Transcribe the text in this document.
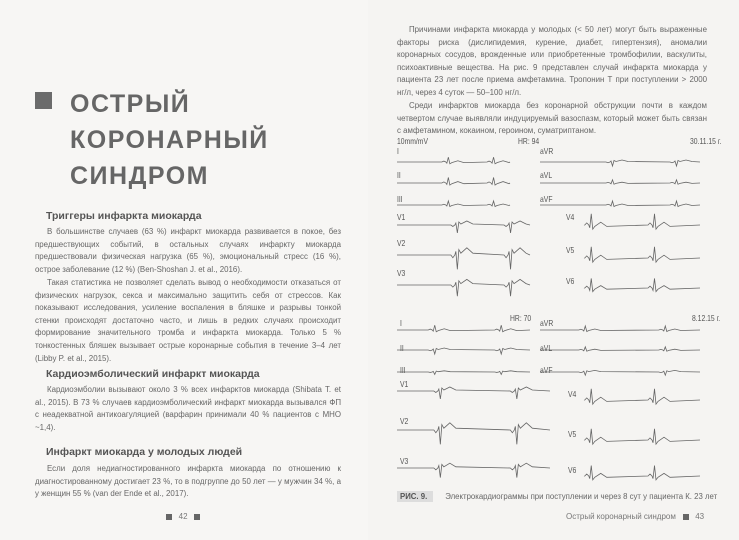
ОСТРЫЙ КОРОНАРНЫЙ СИНДРОМ
Триггеры инфаркта миокарда
В большинстве случаев (63 %) инфаркт миокарда развивается в покое, без предшествующих событий, в остальных случаях инфаркту миокарда предшествовали физическая нагрузка (65 %), эмоциональный стресс (16 %), острое заболевание (12 %) (Ben-Shoshan J. et al., 2016).
Такая статистика не позволяет сделать вывод о необходимости отказаться от физических нагрузок, секса и максимально защитить себя от стрессов. Как показывают исследования, усиление воспаления в бляшке и разрывы тонкой стенки происходят достаточно часто, и лишь в редких случаях происходит формирование значительного тромба и инфаркта миокарда. Только 5 % тонкостенных бляшек вызывает острые коронарные события в течение 3–4 лет (Libby P. et al., 2015).
Кардиоэмболический инфаркт миокарда
Кардиоэмболии вызывают около 3 % всех инфарктов миокарда (Shibata T. et al., 2015). В 73 % случаев кардиоэмболический инфаркт миокарда вызывался ФП с неадекватной антикоагуляцией (варфарин принимали 40 % пациентов с МНО ~1,4).
Инфаркт миокарда у молодых людей
Если доля недиагностированного инфаркта миокарда по отношению к диагностированному достигает 23 %, то в подгруппе до 50 лет — у мужчин 34 %, а у женщин 55 % (van der Ende et al., 2017).
42
Причинами инфаркта миокарда у молодых (< 50 лет) могут быть выраженные факторы риска (дислипидемия, курение, диабет, гипертензия), аномалии коронарных сосудов, врожденные или приобретенные тромбофилии, васкулиты, психоактивные вещества. На рис. 9 представлен случай инфаркта миокарда у пациента 23 лет после приема амфетамина. Тропонин Т при поступлении > 2000 нг/л, через 4 суток — 50–100 нг/л.
Среди инфарктов миокарда без коронарной обструкции почти в каждом четвертом случае выявляли индуцируемый вазоспазм, который может быть связан с амфетамином, кокаином, героином, суматриптаном.
10mm/mV	HR: 94	30.11.15 г.
HR: 70	8.12.15 г.
I
II
III
V1
V2
V3
aVR
aVL
aVF
V4
V5
V6
I
II
III
V1
V2
V3
aVR
aVL
aVF
V4
V5
V6
РИС. 9. Электрокардиограммы при поступлении и через 8 сут у пациента К. 23 лет
Острый коронарный синдром 43
